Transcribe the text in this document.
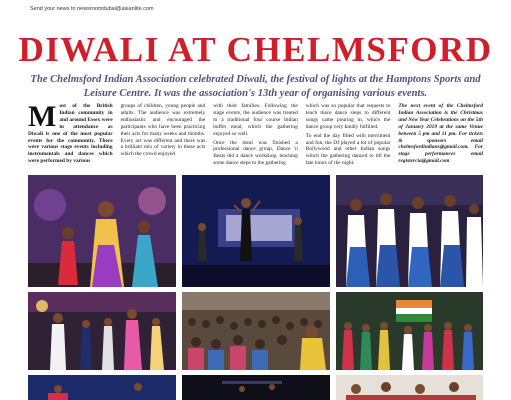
Send your news to newsroomdubai@asianlite.com
DIWALI AT CHELMSFORD
The Chelmsford Indian Association celebrated Diwali, the festival of lights at the Hamptons Sports and Leisure Centre. It was the association's 13th year of organising various events.
Most of the British Indian community in and around Essex were in attendance as Diwali is one of the most popular events for the community. There were various stage events including instrumentals and dances which were performed by various

groups of children, young people and adults. The audience was extremely enthusiastic and encouraged the participants who have been practicing their acts for many weeks and months. Every act was different and there was a brilliant mix of variety in these acts which the crowd enjoyed

with their families. Following the stage events, the audience was treated to a traditional four course Indian buffet meal, which the gathering enjoyed so well.

Once the meal was finished a professional dance group, Dance 'n Beats did a dance workshop, teaching some dance steps to the gathering

which was so popular that requests to teach more dance steps to different songs came pouring in, which the dance group very kindly fulfilled.

To end the day filled with merriment and fun, the DJ played a lot of popular Bollywood and other Indian songs which the gathering danced to till the late hours of the night.

The next event of the Chelmsford Indian Association is the Christmas and New Year Celebrations on the 5th of January 2019 at the same Venue between 5 pm and 11 pm. For tickets & sponsors email chelmsfordindians@gmail.com. For stage performances email registercia@gmail.com
